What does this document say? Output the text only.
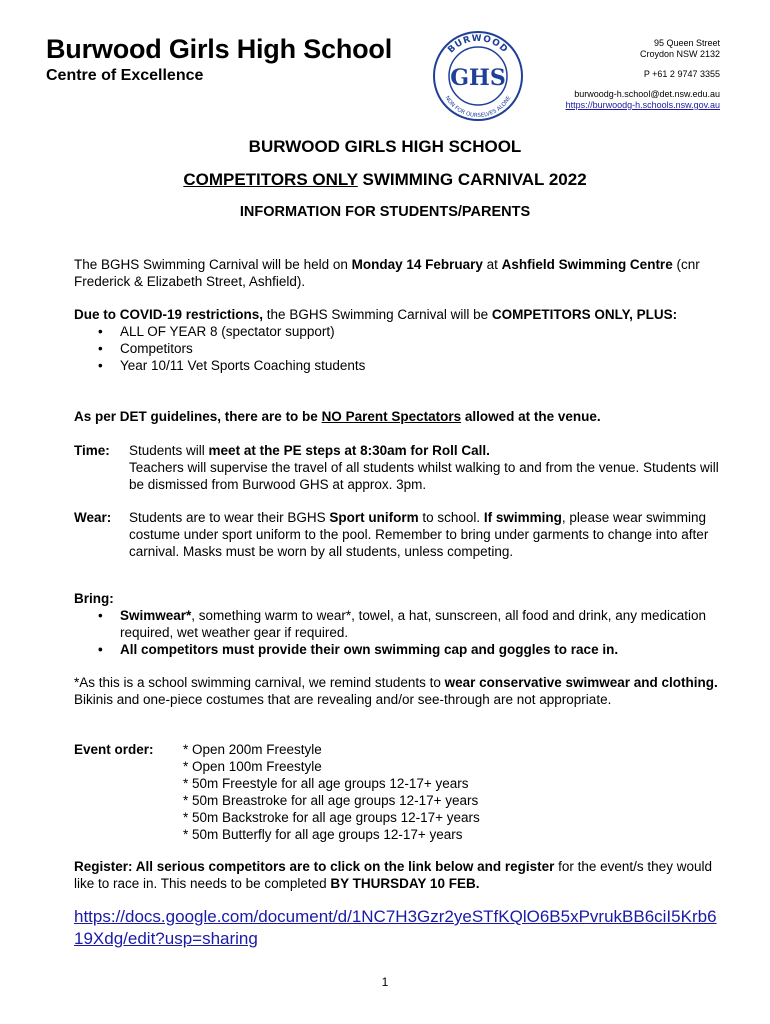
Burwood Girls High School
Centre of Excellence
BURWOOD
NON FOR OURSELVES ALONE
GHS
95 Queen Street
Croydon NSW 2132
P +61 2 9747 3355
burwoodg-h.school@det.nsw.edu.au
https://burwoodg-h.schools.nsw.gov.au
BURWOOD GIRLS HIGH SCHOOL
COMPETITORS ONLY SWIMMING CARNIVAL 2022
INFORMATION FOR STUDENTS/PARENTS

The BGHS Swimming Carnival will be held on Monday 14 February at Ashfield Swimming Centre (cnr Frederick & Elizabeth Street, Ashfield).

Due to COVID-19 restrictions, the BGHS Swimming Carnival will be COMPETITORS ONLY, PLUS:

• ALL OF YEAR 8 (spectator support)
• Competitors
• Year 10/11 Vet Sports Coaching students

As per DET guidelines, there are to be NO Parent Spectators allowed at the venue.

Time:	Students will meet at the PE steps at 8:30am for Roll Call.

Teachers will supervise the travel of all students whilst walking to and from the venue. Students will be dismissed from Burwood GHS at approx. 3pm.

Wear:	Students are to wear their BGHS Sport uniform to school. If swimming, please wear swimming costume under sport uniform to the pool. Remember to bring under garments to change into after carnival. Masks must be worn by all students, unless competing.

Bring:

• Swimwear*, something warm to wear*, towel, a hat, sunscreen, all food and drink, any medication required, wet weather gear if required.
• All competitors must provide their own swimming cap and goggles to race in.

*As this is a school swimming carnival, we remind students to wear conservative swimwear and clothing. Bikinis and one-piece costumes that are revealing and/or see-through are not appropriate.

Event order:	* Open 200m Freestyle

* Open 100m Freestyle

* 50m Freestyle for all age groups 12-17+ years

* 50m Breastroke for all age groups 12-17+ years

* 50m Backstroke for all age groups 12-17+ years

* 50m Butterfly for all age groups 12-17+ years

Register: All serious competitors are to click on the link below and register for the event/s they would like to race in. This needs to be completed BY THURSDAY 10 FEB.

https://docs.google.com/document/d/1NC7H3Gzr2yeSTfKQlO6B5xPvrukBB6ciI5Krb619Xdg/edit?usp=sharing
1
